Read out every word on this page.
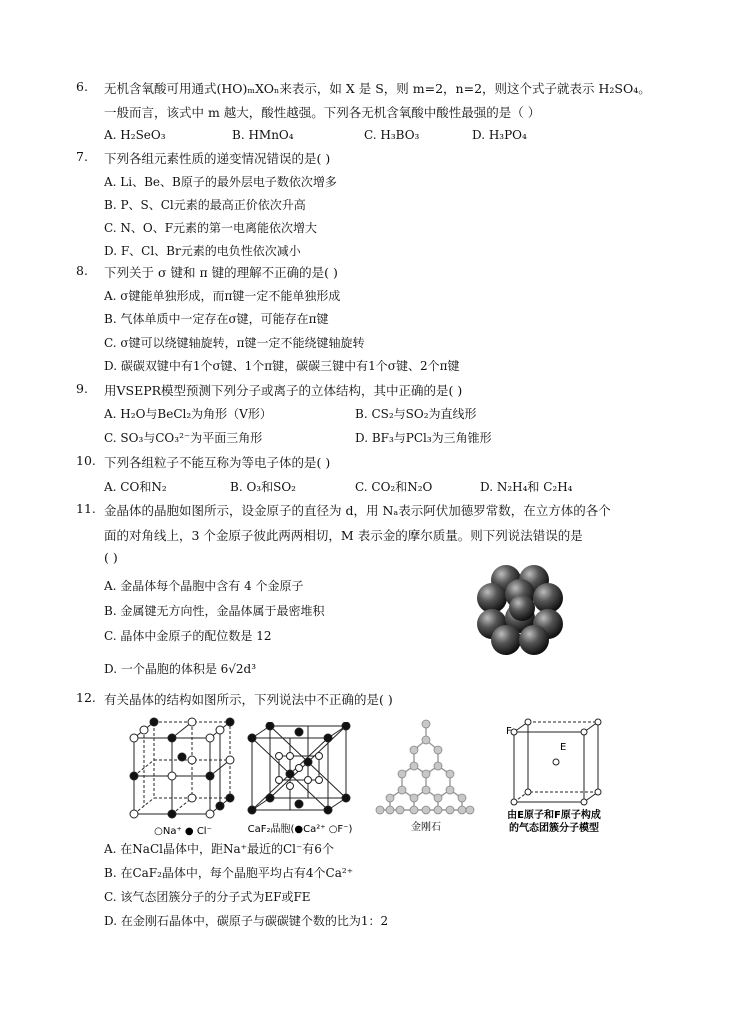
6. 无机含氧酸可用通式(HO)ₘXOₙ来表示，如 X 是 S，则 m=2，n=2，则这个式子就表示 H₂SO₄。
一般而言，该式中 m 越大，酸性越强。下列各无机含氧酸中酸性最强的是（ ）
A. H₂SeO₃	B. HMnO₄	C. H₃BO₃	D. H₃PO₄
7. 下列各组元素性质的递变情况错误的是( )
A. Li、Be、B原子的最外层电子数依次增多
B. P、S、Cl元素的最高正价依次升高
C. N、O、F元素的第一电离能依次增大
D. F、Cl、Br元素的电负性依次减小
8. 下列关于 σ 键和 π 键的理解不正确的是( )
A. σ键能单独形成，而π键一定不能单独形成
B. 气体单质中一定存在σ键，可能存在π键
C. σ键可以绕键轴旋转，π键一定不能绕键轴旋转
D. 碳碳双键中有1个σ键、1个π键，碳碳三键中有1个σ键、2个π键
9. 用VSEPR模型预测下列分子或离子的立体结构，其中正确的是( )
A. H₂O与BeCl₂为角形（V形）	B. CS₂与SO₂为直线形
C. SO₃与CO₃²⁻为平面三角形	D. BF₃与PCl₃为三角锥形
10. 下列各组粒子不能互称为等电子体的是( )
A. CO和N₂	B. O₃和SO₂	C. CO₂和N₂O	D. N₂H₄和 C₂H₄
11. 金晶体的晶胞如图所示，设金原子的直径为 d，用 Nₐ表示阿伏加德罗常数，在立方体的各个
面的对角线上，3 个金原子彼此两两相切，M 表示金的摩尔质量。则下列说法错误的是
( )
A. 金晶体每个晶胞中含有 4 个金原子
B. 金属键无方向性，金晶体属于最密堆积
C. 晶体中金原子的配位数是 12
D. 一个晶胞的体积是 6√2d³
12. 有关晶体的结构如图所示，下列说法中不正确的是( )
○Na⁺ ● Cl⁻	CaF₂晶胞(●Ca²⁺ ○F⁻)	金刚石
F
E
由E原子和F原子构成
的气态团簇分子模型
A. 在NaCl晶体中，距Na⁺最近的Cl⁻有6个
B. 在CaF₂晶体中，每个晶胞平均占有4个Ca²⁺
C. 该气态团簇分子的分子式为EF或FE
D. 在金刚石晶体中，碳原子与碳碳键个数的比为1：2
